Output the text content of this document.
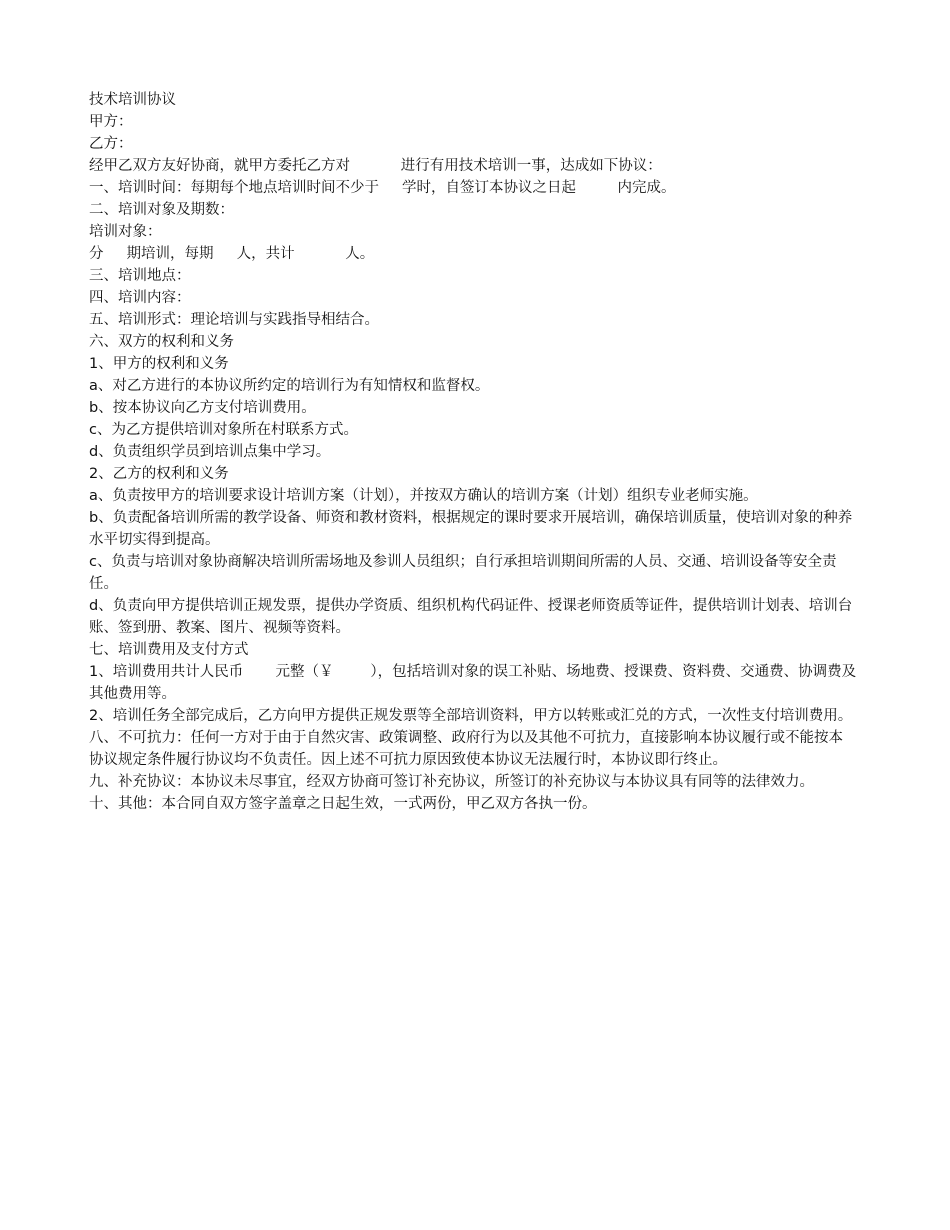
技术培训协议

甲方：

乙方：

经甲乙双方友好协商，就甲方委托乙方对           进行有用技术培训一事，达成如下协议：

一、培训时间：每期每个地点培训时间不少于     学时，自签订本协议之日起         内完成。

二、培训对象及期数：

培训对象：

分     期培训，每期     人，共计           人。

三、培训地点：

四、培训内容：

五、培训形式：理论培训与实践指导相结合。

六、双方的权利和义务

1、甲方的权利和义务

a、对乙方进行的本协议所约定的培训行为有知情权和监督权。

b、按本协议向乙方支付培训费用。

c、为乙方提供培训对象所在村联系方式。

d、负责组织学员到培训点集中学习。

2、乙方的权利和义务

a、负责按甲方的培训要求设计培训方案（计划），并按双方确认的培训方案（计划）组织专业老师实施。

b、负责配备培训所需的教学设备、师资和教材资料，根据规定的课时要求开展培训，确保培训质量，使培训对象的种养水平切实得到提高。

c、负责与培训对象协商解决培训所需场地及参训人员组织；自行承担培训期间所需的人员、交通、培训设备等安全责任。

d、负责向甲方提供培训正规发票，提供办学资质、组织机构代码证件、授课老师资质等证件，提供培训计划表、培训台账、签到册、教案、图片、视频等资料。

七、培训费用及支付方式

1、培训费用共计人民币       元整（￥        ），包括培训对象的误工补贴、场地费、授课费、资料费、交通费、协调费及其他费用等。

2、培训任务全部完成后，乙方向甲方提供正规发票等全部培训资料，甲方以转账或汇兑的方式，一次性支付培训费用。

八、不可抗力：任何一方对于由于自然灾害、政策调整、政府行为以及其他不可抗力，直接影响本协议履行或不能按本协议规定条件履行协议均不负责任。因上述不可抗力原因致使本协议无法履行时，本协议即行终止。

九、补充协议：本协议未尽事宜，经双方协商可签订补充协议，所签订的补充协议与本协议具有同等的法律效力。

十、其他：本合同自双方签字盖章之日起生效，一式两份，甲乙双方各执一份。
